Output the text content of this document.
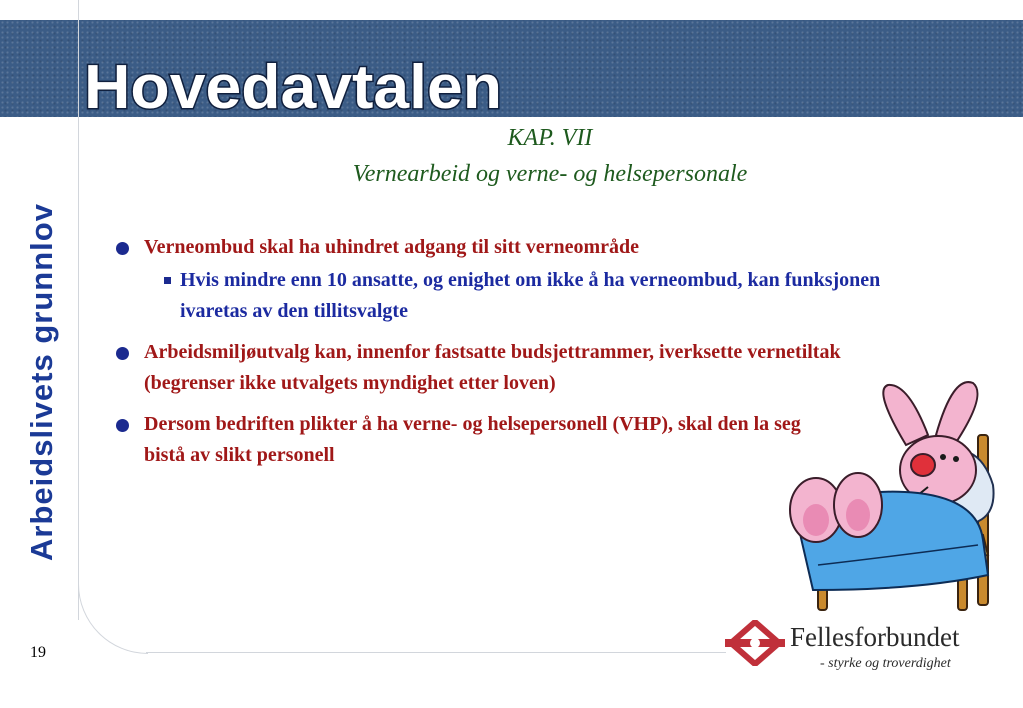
Hovedavtalen
Arbeidslivets grunnlov
19
KAP. VII
Vernearbeid og verne- og helsepersonale
Verneombud skal ha uhindret adgang til sitt verneområde
Hvis mindre enn 10 ansatte, og enighet om ikke å ha verneombud, kan funksjonen ivaretas av den tillitsvalgte
Arbeidsmiljøutvalg kan, innenfor fastsatte budsjettrammer, iverksette vernetiltak (begrenser ikke utvalgets myndighet etter loven)
Dersom bedriften plikter å ha verne- og helsepersonell (VHP), skal den la seg bistå av slikt personell
Fellesforbundet
- styrke og troverdighet
